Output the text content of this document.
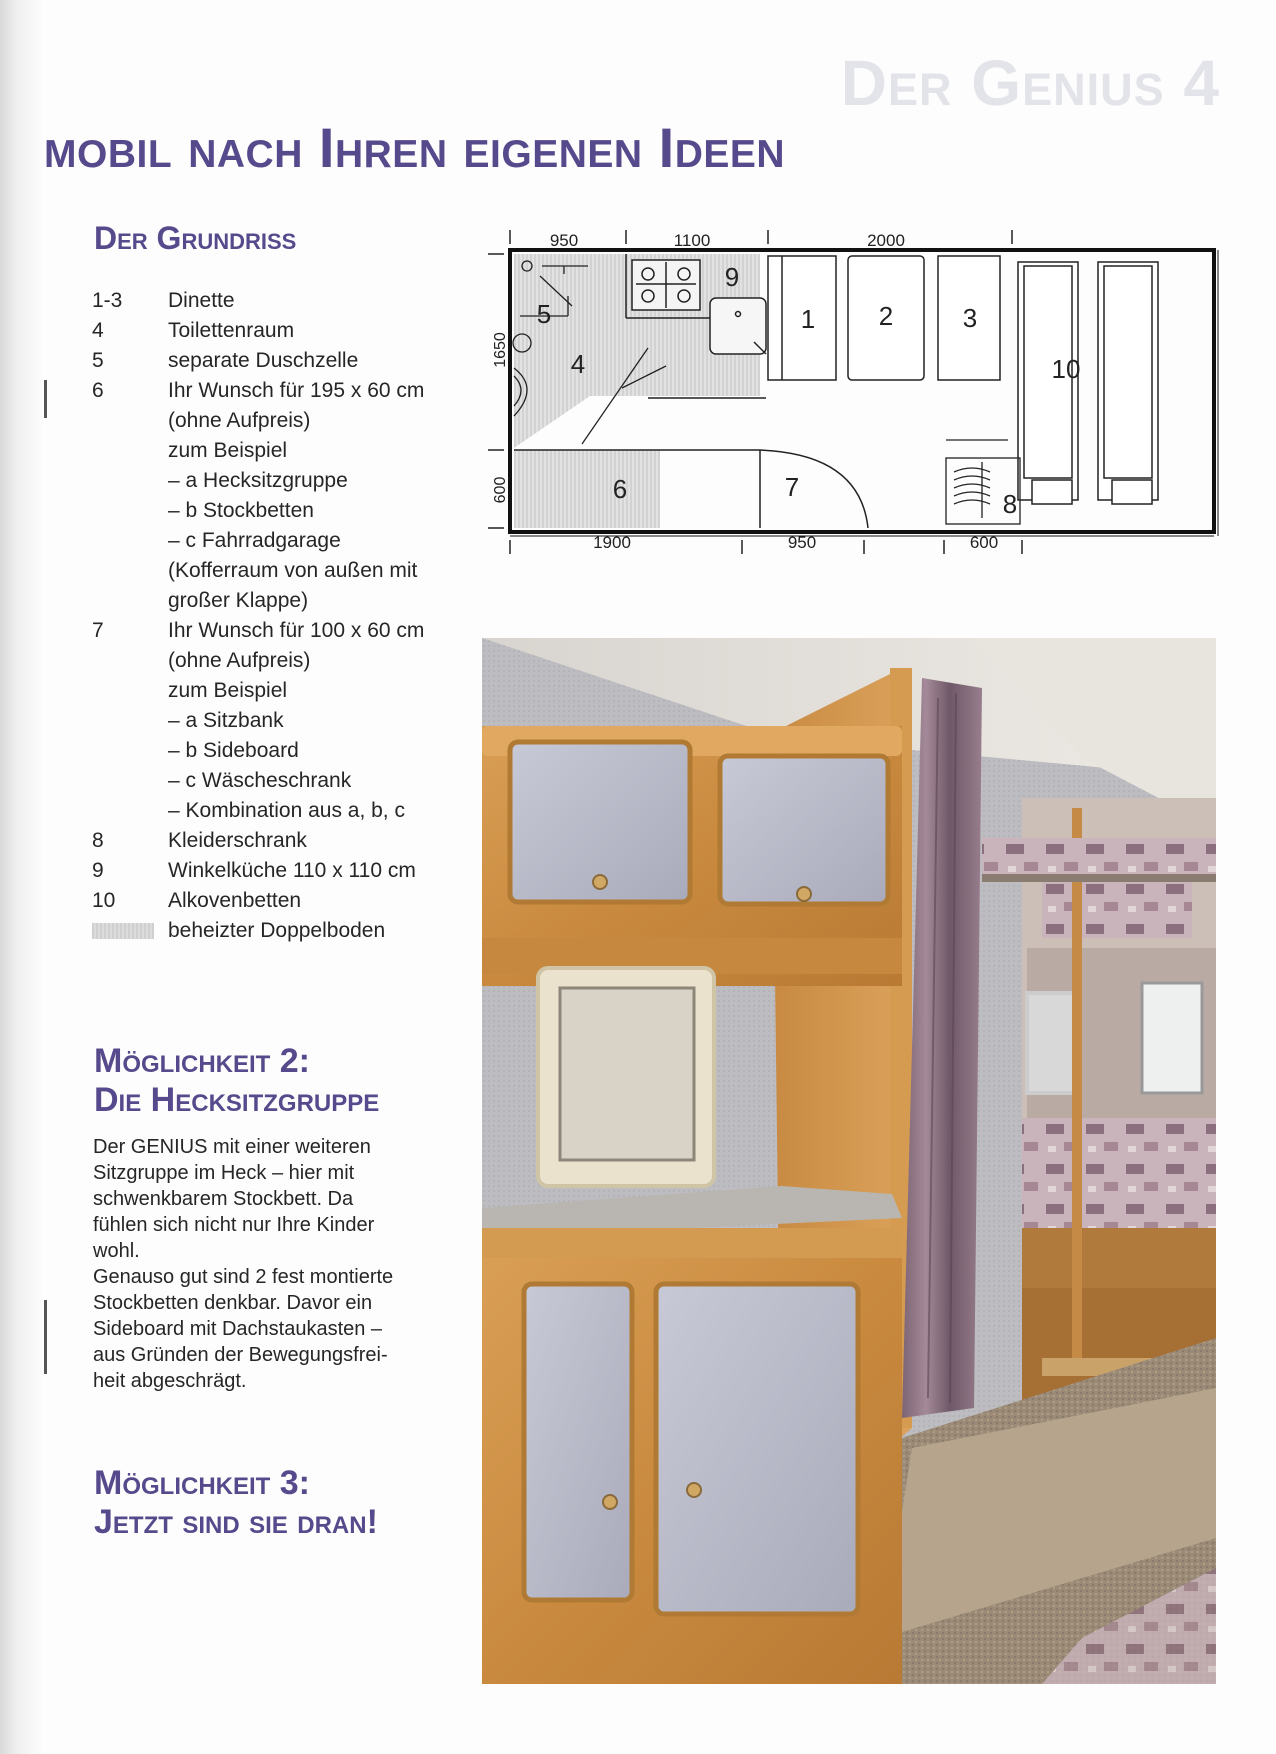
Der Genius 4
mobil nach Ihren eigenen Ideen
Der Grundriß
1-3	Dinette
4	Toilettenraum
5	separate Duschzelle
6	Ihr Wunsch für 195 x 60 cm
(ohne Aufpreis)
zum Beispiel
– a Hecksitzgruppe
– b Stockbetten
– c Fahrradgarage
(Kofferraum von außen mit
großer Klappe)
7	Ihr Wunsch für 100 x 60 cm
(ohne Aufpreis)
zum Beispiel
– a Sitzbank
– b Sideboard
– c Wäscheschrank
– Kombination aus a, b, c
8	Kleiderschrank
9	Winkelküche 110 x 110 cm
10	Alkovenbetten
beheizter Doppelboden
Möglichkeit 2:
Die Hecksitzgruppe
Der GENIUS mit einer weiteren
Sitzgruppe im Heck – hier mit
schwenkbarem Stockbett. Da
fühlen sich nicht nur Ihre Kinder
wohl.
Genauso gut sind 2 fest montierte
Stockbetten denkbar. Davor ein
Sideboard mit Dachstaukasten –
aus Gründen der Bewegungsfrei-
heit abgeschrägt.
Möglichkeit 3:
Jetzt sind sie dran!
950	1100	2000
1650
600
1 2	3
4
5
6	7
8
9
10
1900	950	600
